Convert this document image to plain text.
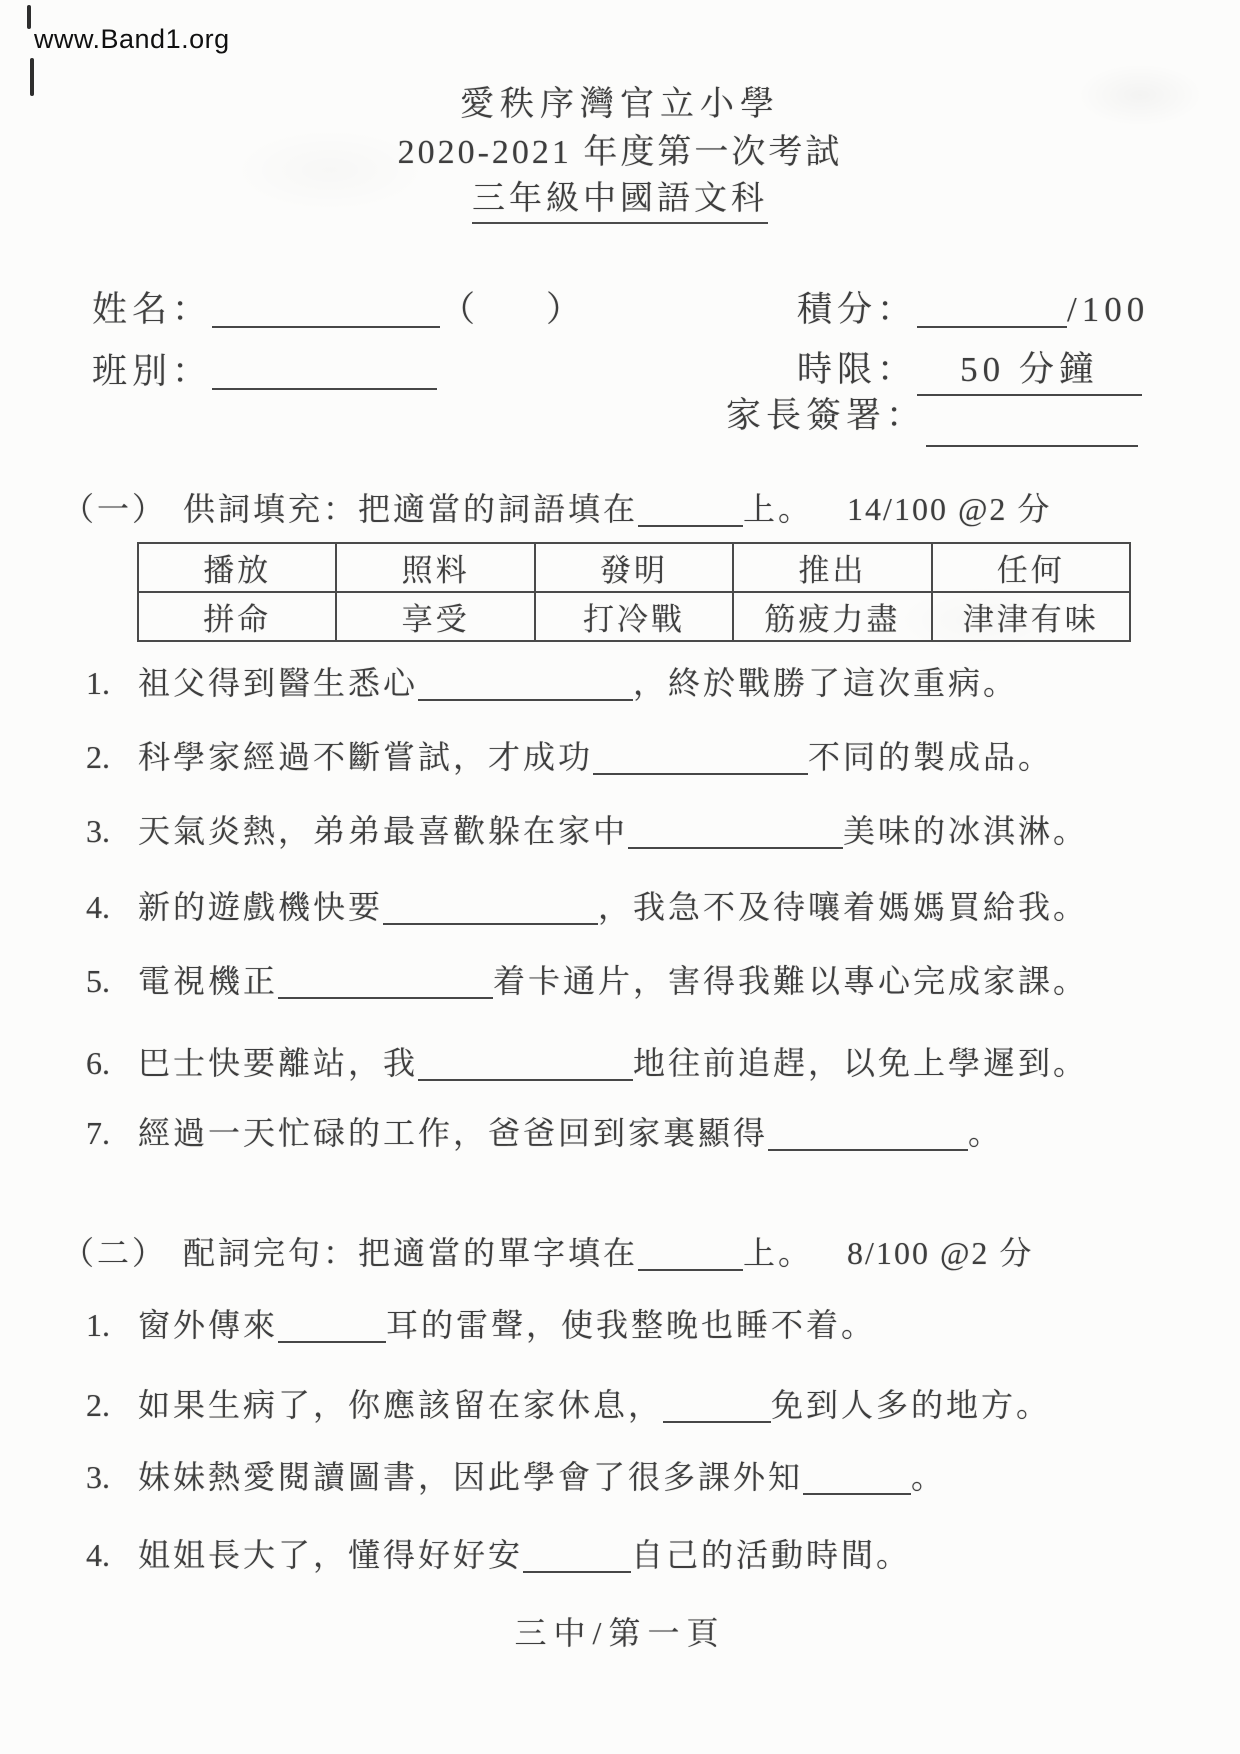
www.Band1.org
愛秩序灣官立小學
2020-2021 年度第一次考試
三年級中國語文科
姓名：	（ ）
班別：
積分：	/100
時限： 50 分鐘
家長簽署：
（一） 供詞填充：把適當的詞語填在	上。 14/100 @2 分
播放	照料	發明	推出	任何
拼命	享受	打冷戰	筋疲力盡	津津有味
1. 祖父得到醫生悉心	，終於戰勝了這次重病。
2. 科學家經過不斷嘗試，才成功	不同的製成品。
3. 天氣炎熱，弟弟最喜歡躲在家中	美味的冰淇淋。
4. 新的遊戲機快要	，我急不及待嚷着媽媽買給我。
5. 電視機正	着卡通片，害得我難以專心完成家課。
6. 巴士快要離站，我	地往前追趕，以免上學遲到。
7. 經過一天忙碌的工作，爸爸回到家裏顯得	。
（二） 配詞完句：把適當的單字填在	上。 8/100 @2 分
1. 窗外傳來	耳的雷聲，使我整晚也睡不着。
2. 如果生病了，你應該留在家休息，	免到人多的地方。
3. 妹妹熱愛閱讀圖書，因此學會了很多課外知	。
4. 姐姐長大了，懂得好好安	自己的活動時間。
三中/第一頁
